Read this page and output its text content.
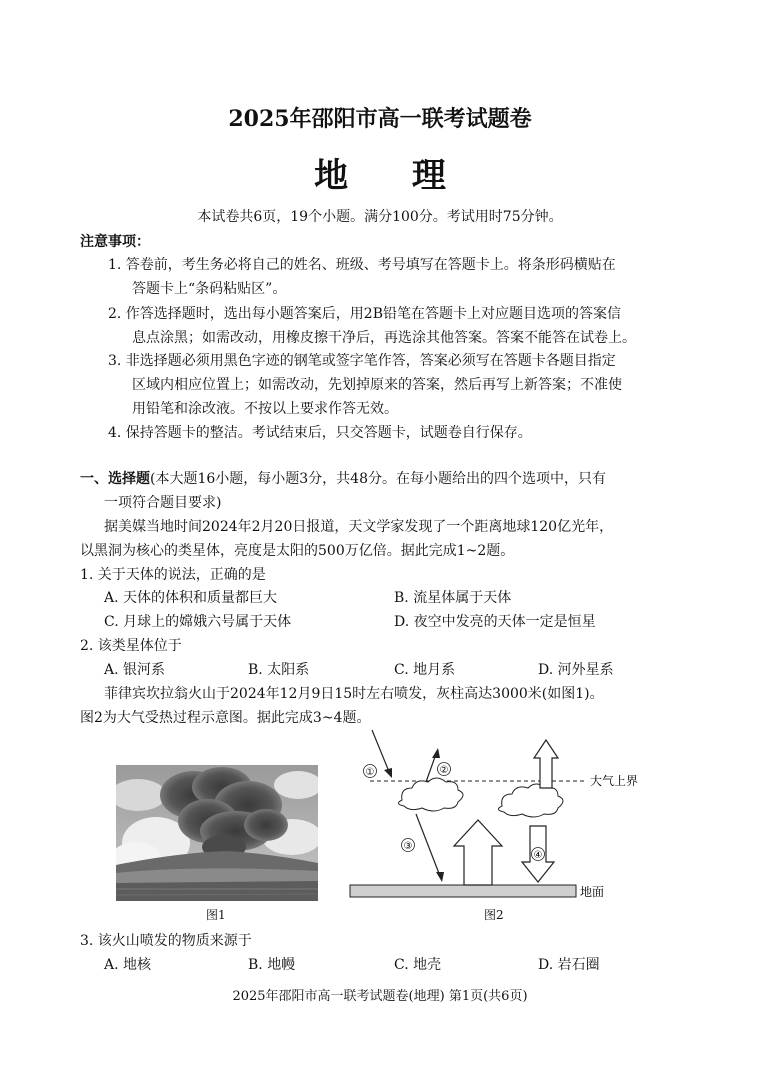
2025年邵阳市高一联考试题卷
地 理
本试卷共6页，19个小题。满分100分。考试用时75分钟。
注意事项：
1. 答卷前，考生务必将自己的姓名、班级、考号填写在答题卡上。将条形码横贴在
答题卡上“条码粘贴区”。
2. 作答选择题时，选出每小题答案后，用2B铅笔在答题卡上对应题目选项的答案信
息点涂黑；如需改动，用橡皮擦干净后，再选涂其他答案。答案不能答在试卷上。
3. 非选择题必须用黑色字迹的钢笔或签字笔作答，答案必须写在答题卡各题目指定
区域内相应位置上；如需改动，先划掉原来的答案，然后再写上新答案；不准使
用铅笔和涂改液。不按以上要求作答无效。
4. 保持答题卡的整洁。考试结束后，只交答题卡，试题卷自行保存。
一、选择题(本大题16小题，每小题3分，共48分。在每小题给出的四个选项中，只有
一项符合题目要求)
据美媒当地时间2024年2月20日报道，天文学家发现了一个距离地球120亿光年，
以黑洞为核心的类星体，亮度是太阳的500万亿倍。据此完成1~2题。
1. 关于天体的说法，正确的是
A. 天体的体积和质量都巨大	B. 流星体属于天体
C. 月球上的嫦娥六号属于天体	D. 夜空中发亮的天体一定是恒星
2. 该类星体位于
A. 银河系	B. 太阳系	C. 地月系	D. 河外星系
菲律宾坎拉翁火山于2024年12月9日15时左右喷发，灰柱高达3000米(如图1)。
图2为大气受热过程示意图。据此完成3~4题。
图1
①	②
③
④
大气上界
地面
图2
3. 该火山喷发的物质来源于
A. 地核	B. 地幔	C. 地壳	D. 岩石圈
2025年邵阳市高一联考试题卷(地理) 第1页(共6页)
